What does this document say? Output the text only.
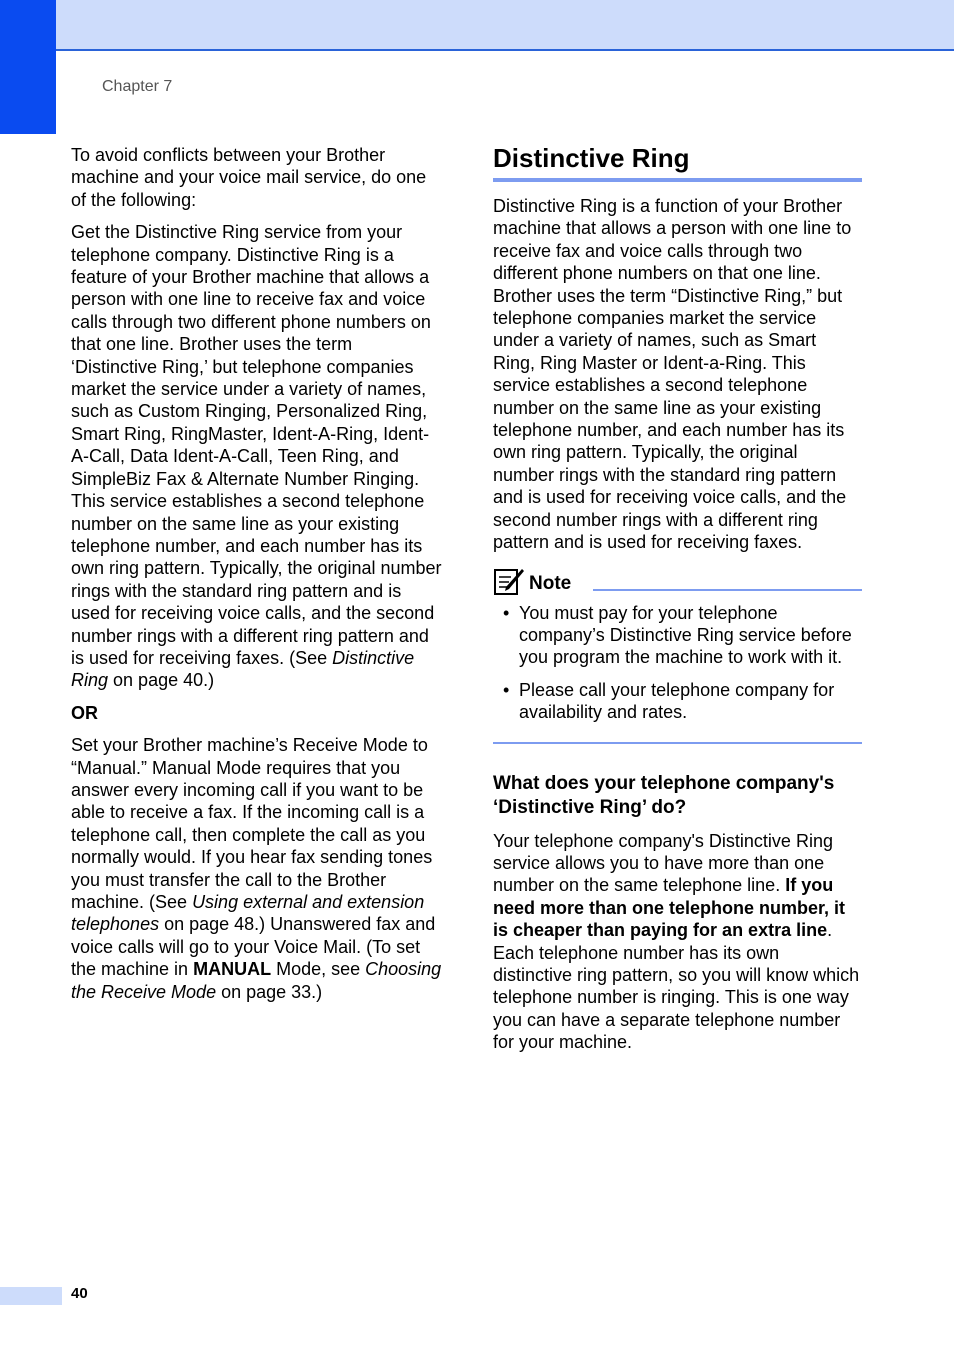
Chapter 7

To avoid conflicts between your Brother machine and your voice mail service, do one of the following:

Get the Distinctive Ring service from your telephone company. Distinctive Ring is a feature of your Brother machine that allows a person with one line to receive fax and voice calls through two different phone numbers on that one line. Brother uses the term ‘Distinctive Ring,’ but telephone companies market the service under a variety of names, such as Custom Ringing, Personalized Ring, Smart Ring, RingMaster, Ident-A-Ring, Ident-A-Call, Data Ident-A-Call, Teen Ring, and SimpleBiz Fax & Alternate Number Ringing. This service establishes a second telephone number on the same line as your existing telephone number, and each number has its own ring pattern. Typically, the original number rings with the standard ring pattern and is used for receiving voice calls, and the second number rings with a different ring pattern and is used for receiving faxes. (See Distinctive Ring on page 40.)

OR

Set your Brother machine’s Receive Mode to “Manual.” Manual Mode requires that you answer every incoming call if you want to be able to receive a fax. If the incoming call is a telephone call, then complete the call as you normally would. If you hear fax sending tones you must transfer the call to the Brother machine. (See Using external and extension telephones on page 48.) Unanswered fax and voice calls will go to your Voice Mail. (To set the machine in MANUAL Mode, see Choosing the Receive Mode on page 33.)

Distinctive Ring

Distinctive Ring is a function of your Brother machine that allows a person with one line to receive fax and voice calls through two different phone numbers on that one line. Brother uses the term “Distinctive Ring,” but telephone companies market the service under a variety of names, such as Smart Ring, Ring Master or Ident-a-Ring. This service establishes a second telephone number on the same line as your existing telephone number, and each number has its own ring pattern. Typically, the original number rings with the standard ring pattern and is used for receiving voice calls, and the second number rings with a different ring pattern and is used for receiving faxes.

Note
• You must pay for your telephone company’s Distinctive Ring service before you program the machine to work with it.
• Please call your telephone company for availability and rates.
What does your telephone company's ‘Distinctive Ring’ do?

Your telephone company's Distinctive Ring service allows you to have more than one number on the same telephone line. If you need more than one telephone number, it is cheaper than paying for an extra line. Each telephone number has its own distinctive ring pattern, so you will know which telephone number is ringing. This is one way you can have a separate telephone number for your machine.

40
